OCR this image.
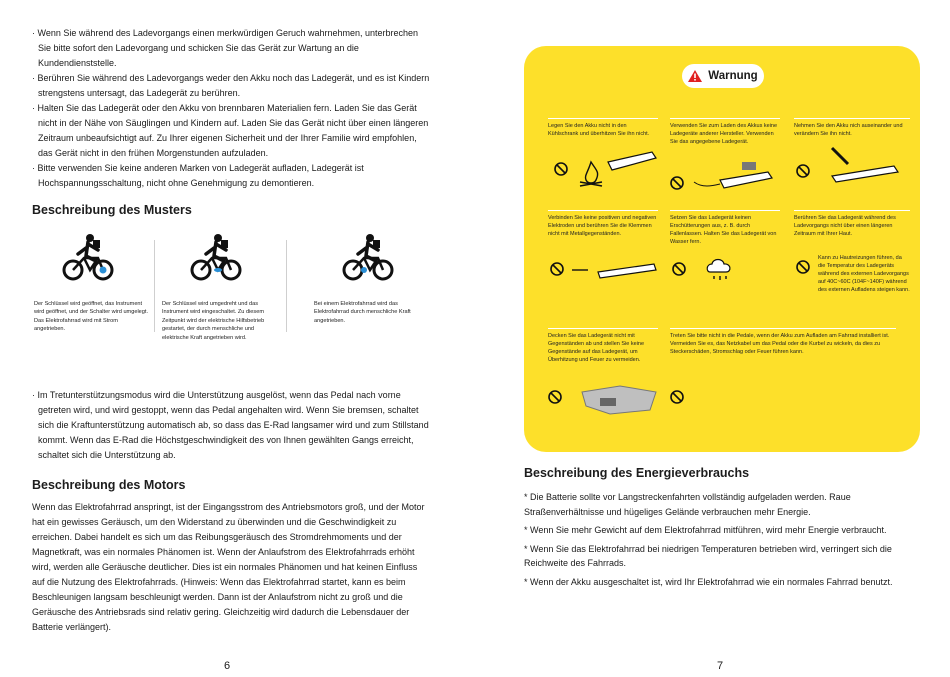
· Wenn Sie während des Ladevorgangs einen merkwürdigen Geruch wahrnehmen, unterbrechen Sie bitte sofort den Ladevorgang und schicken Sie das Gerät zur Wartung an die Kundendienststelle.

· Berühren Sie während des Ladevorgangs weder den Akku noch das Ladegerät, und es ist Kindern strengstens untersagt, das Ladegerät zu berühren.

· Halten Sie das Ladegerät oder den Akku von brennbaren Materialien fern. Laden Sie das Gerät nicht in der Nähe von Säuglingen und Kindern auf. Laden Sie das Gerät nicht über einen längeren Zeitraum unbeaufsichtigt auf. Zu Ihrer eigenen Sicherheit und der Ihrer Familie wird empfohlen, das Gerät nicht in den frühen Morgenstunden aufzuladen.

· Bitte verwenden Sie keine anderen Marken von Ladegerät aufladen, Ladegerät ist Hochspannungsschaltung, nicht ohne Genehmigung zu demontieren.

Beschreibung des Musters
Der Schlüssel wird geöffnet, das Instrument wird geöffnet, und der Schalter wird umgelegt. Das Elektrofahrrad wird mit Strom angetrieben.
Der Schlüssel wird umgedreht und das Instrument wird eingeschaltet. Zu diesem Zeitpunkt wird der elektrische Hilfsbetrieb gestartet, der durch menschliche und elektrische Kraft angetrieben wird.
Bei einem Elektrofahrrad wird das Elektrofahrrad durch menschliche Kraft angetrieben.

· Im Tretunterstützungsmodus wird die Unterstützung ausgelöst, wenn das Pedal nach vorne getreten wird, und wird gestoppt, wenn das Pedal angehalten wird. Wenn Sie bremsen, schaltet sich die Kraftunterstützung automatisch ab, so dass das E-Rad langsamer wird und zum Stillstand kommt. Wenn das E-Rad die Höchstgeschwindigkeit des von Ihnen gewählten Gangs erreicht, schaltet sich die Unterstützung ab.

Beschreibung des Motors
Wenn das Elektrofahrrad anspringt, ist der Eingangsstrom des Antriebsmotors groß, und der Motor hat ein gewisses Geräusch, um den Widerstand zu überwinden und die Geschwindigkeit zu erreichen. Dabei handelt es sich um das Reibungsgeräusch des Stromdrehmoments und der Magnetkraft, was ein normales Phänomen ist. Wenn der Anlaufstrom des Elektrofahrrads erhöht wird, werden alle Geräusche deutlicher. Dies ist ein normales Phänomen und hat keinen Einfluss auf die Nutzung des Elektrofahrrads. (Hinweis: Wenn das Elektrofahrrad startet, kann es beim Beschleunigen langsam beschleunigt werden. Dann ist der Anlaufstrom nicht zu groß und die Geräusche des Antriebsrads sind relativ gering. Gleichzeitig wird dadurch die Lebensdauer der Batterie verlängert).
6
Warnung
Legen Sie den Akku nicht in den Kühlschrank und überhitzen Sie ihn nicht.
Verwenden Sie zum Laden des Akkus keine Ladegeräte anderer Hersteller. Verwenden Sie das angegebene Ladegerät.
Nehmen Sie den Akku nich auseinander und verändern Sie ihn nicht.
Verbinden Sie keine positiven und negativen Elektroden und berühren Sie die Klemmen nicht mit Metallgegenständen.
Setzen Sie das Ladegerät keinen Erschütterungen aus, z. B. durch Fallenlassen. Halten Sie das Ladegerät von Wasser fern.
Berühren Sie das Ladegerät während des Ladevorgangs nicht über einen längeren Zeitraum mit Ihrer Haut.
Kann zu Hautreizungen führen, da die Temperatur des Ladegeräts während des externen Ladevorgangs auf 40C~60C (104F~140F) während des externen Aufladens steigen kann.
Decken Sie das Ladegerät nicht mit Gegenständen ab und stellen Sie keine Gegenstände auf das Ladegerät, um Überhitzung und Feuer zu vermeiden.
Treten Sie bitte nicht in die Pedale, wenn der Akku zum Aufladen am Fahrrad installiert ist. Vermeiden Sie es, das Netzkabel um das Pedal oder die Kurbel zu wickeln, da dies zu Steckerschäden, Stromschlag oder Feuer führen kann.
Beschreibung des Energieverbrauchs

* Die Batterie sollte vor Langstreckenfahrten vollständig aufgeladen werden. Raue Straßenverhältnisse und hügeliges Gelände verbrauchen mehr Energie.

* Wenn Sie mehr Gewicht auf dem Elektrofahrrad mitführen, wird mehr Energie verbraucht.

* Wenn Sie das Elektrofahrrad bei niedrigen Temperaturen betrieben wird, verringert sich die Reichweite des Fahrrads.

* Wenn der Akku ausgeschaltet ist, wird Ihr Elektrofahrrad wie ein normales Fahrrad benutzt.

7
